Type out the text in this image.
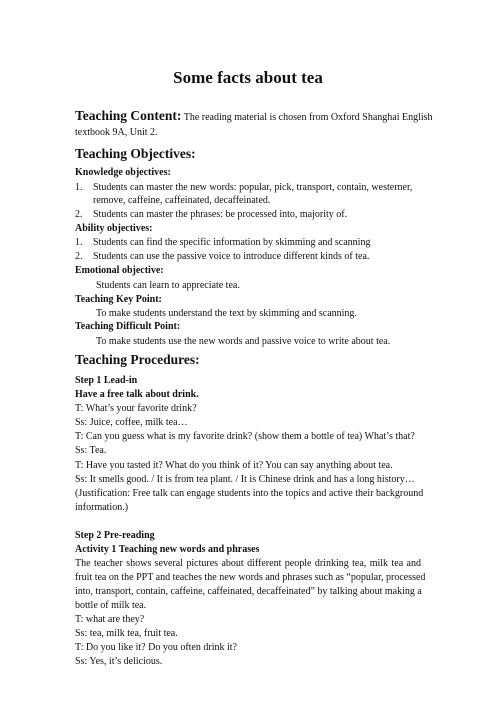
Some facts about tea
Teaching Content: The reading material is chosen from Oxford Shanghai English
textbook 9A, Unit 2.
Teaching Objectives:
Knowledge objectives:
1. Students can master the new words: popular, pick, transport, contain, westerner,
remove, caffeine, caffeinated, decaffeinated.
2. Students can master the phrases: be processed into, majority of.
Ability objectives:
1. Students can find the specific information by skimming and scanning
2. Students can use the passive voice to introduce different kinds of tea.
Emotional objective:
Students can learn to appreciate tea.
Teaching Key Point:
To make students understand the text by skimming and scanning.
Teaching Difficult Point:
To make students use the new words and passive voice to write about tea.
Teaching Procedures:
Step 1 Lead-in
Have a free talk about drink.
T: What’s your favorite drink?
Ss: Juice, coffee, milk tea…
T: Can you guess what is my favorite drink? (show them a bottle of tea) What’s that?
Ss: Tea.
T: Have you tasted it? What do you think of it? You can say anything about tea.
Ss: It smells good. / It is from tea plant. / It is Chinese drink and has a long history…
(Justification: Free talk can engage students into the topics and active their background
information.)
Step 2 Pre-reading
Activity 1 Teaching new words and phrases
The teacher shows several pictures about different people drinking tea, milk tea and
fruit tea on the PPT and teaches the new words and phrases such as “popular, processed
into, transport, contain, caffeine, caffeinated, decaffeinated” by talking about making a
bottle of milk tea.
T: what are they?
Ss: tea, milk tea, fruit tea.
T: Do you like it? Do you often drink it?
Ss: Yes, it’s delicious.
